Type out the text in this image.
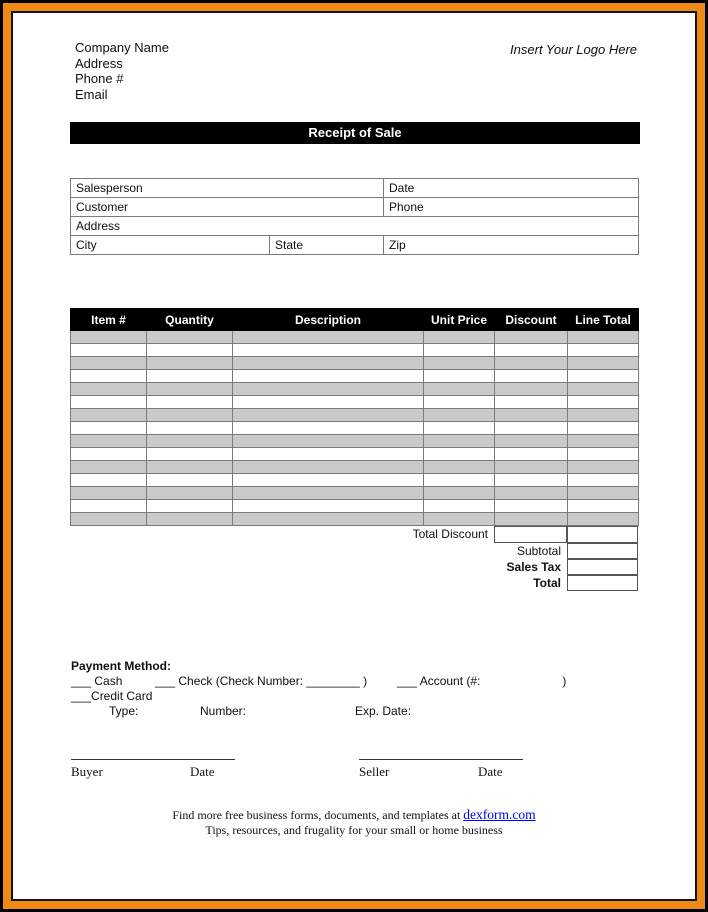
Company Name
Address
Phone #
Email
Insert Your Logo Here
Receipt of Sale
Salesperson		Date
Customer		Phone
Address		
City	State	Zip
Item #	Quantity	Description	Unit Price	Discount	Line Total

Total Discount
Subtotal
Sales Tax
Total
Payment Method:
___ Cash	___ Check (Check Number: ________ ) ___ Account (#:	)
___Credit Card
Type:	Number:	Exp. Date:
Buyer	Date	Seller	Date
Find more free business forms, documents, and templates at dexform.com
Tips, resources, and frugality for your small or home business
